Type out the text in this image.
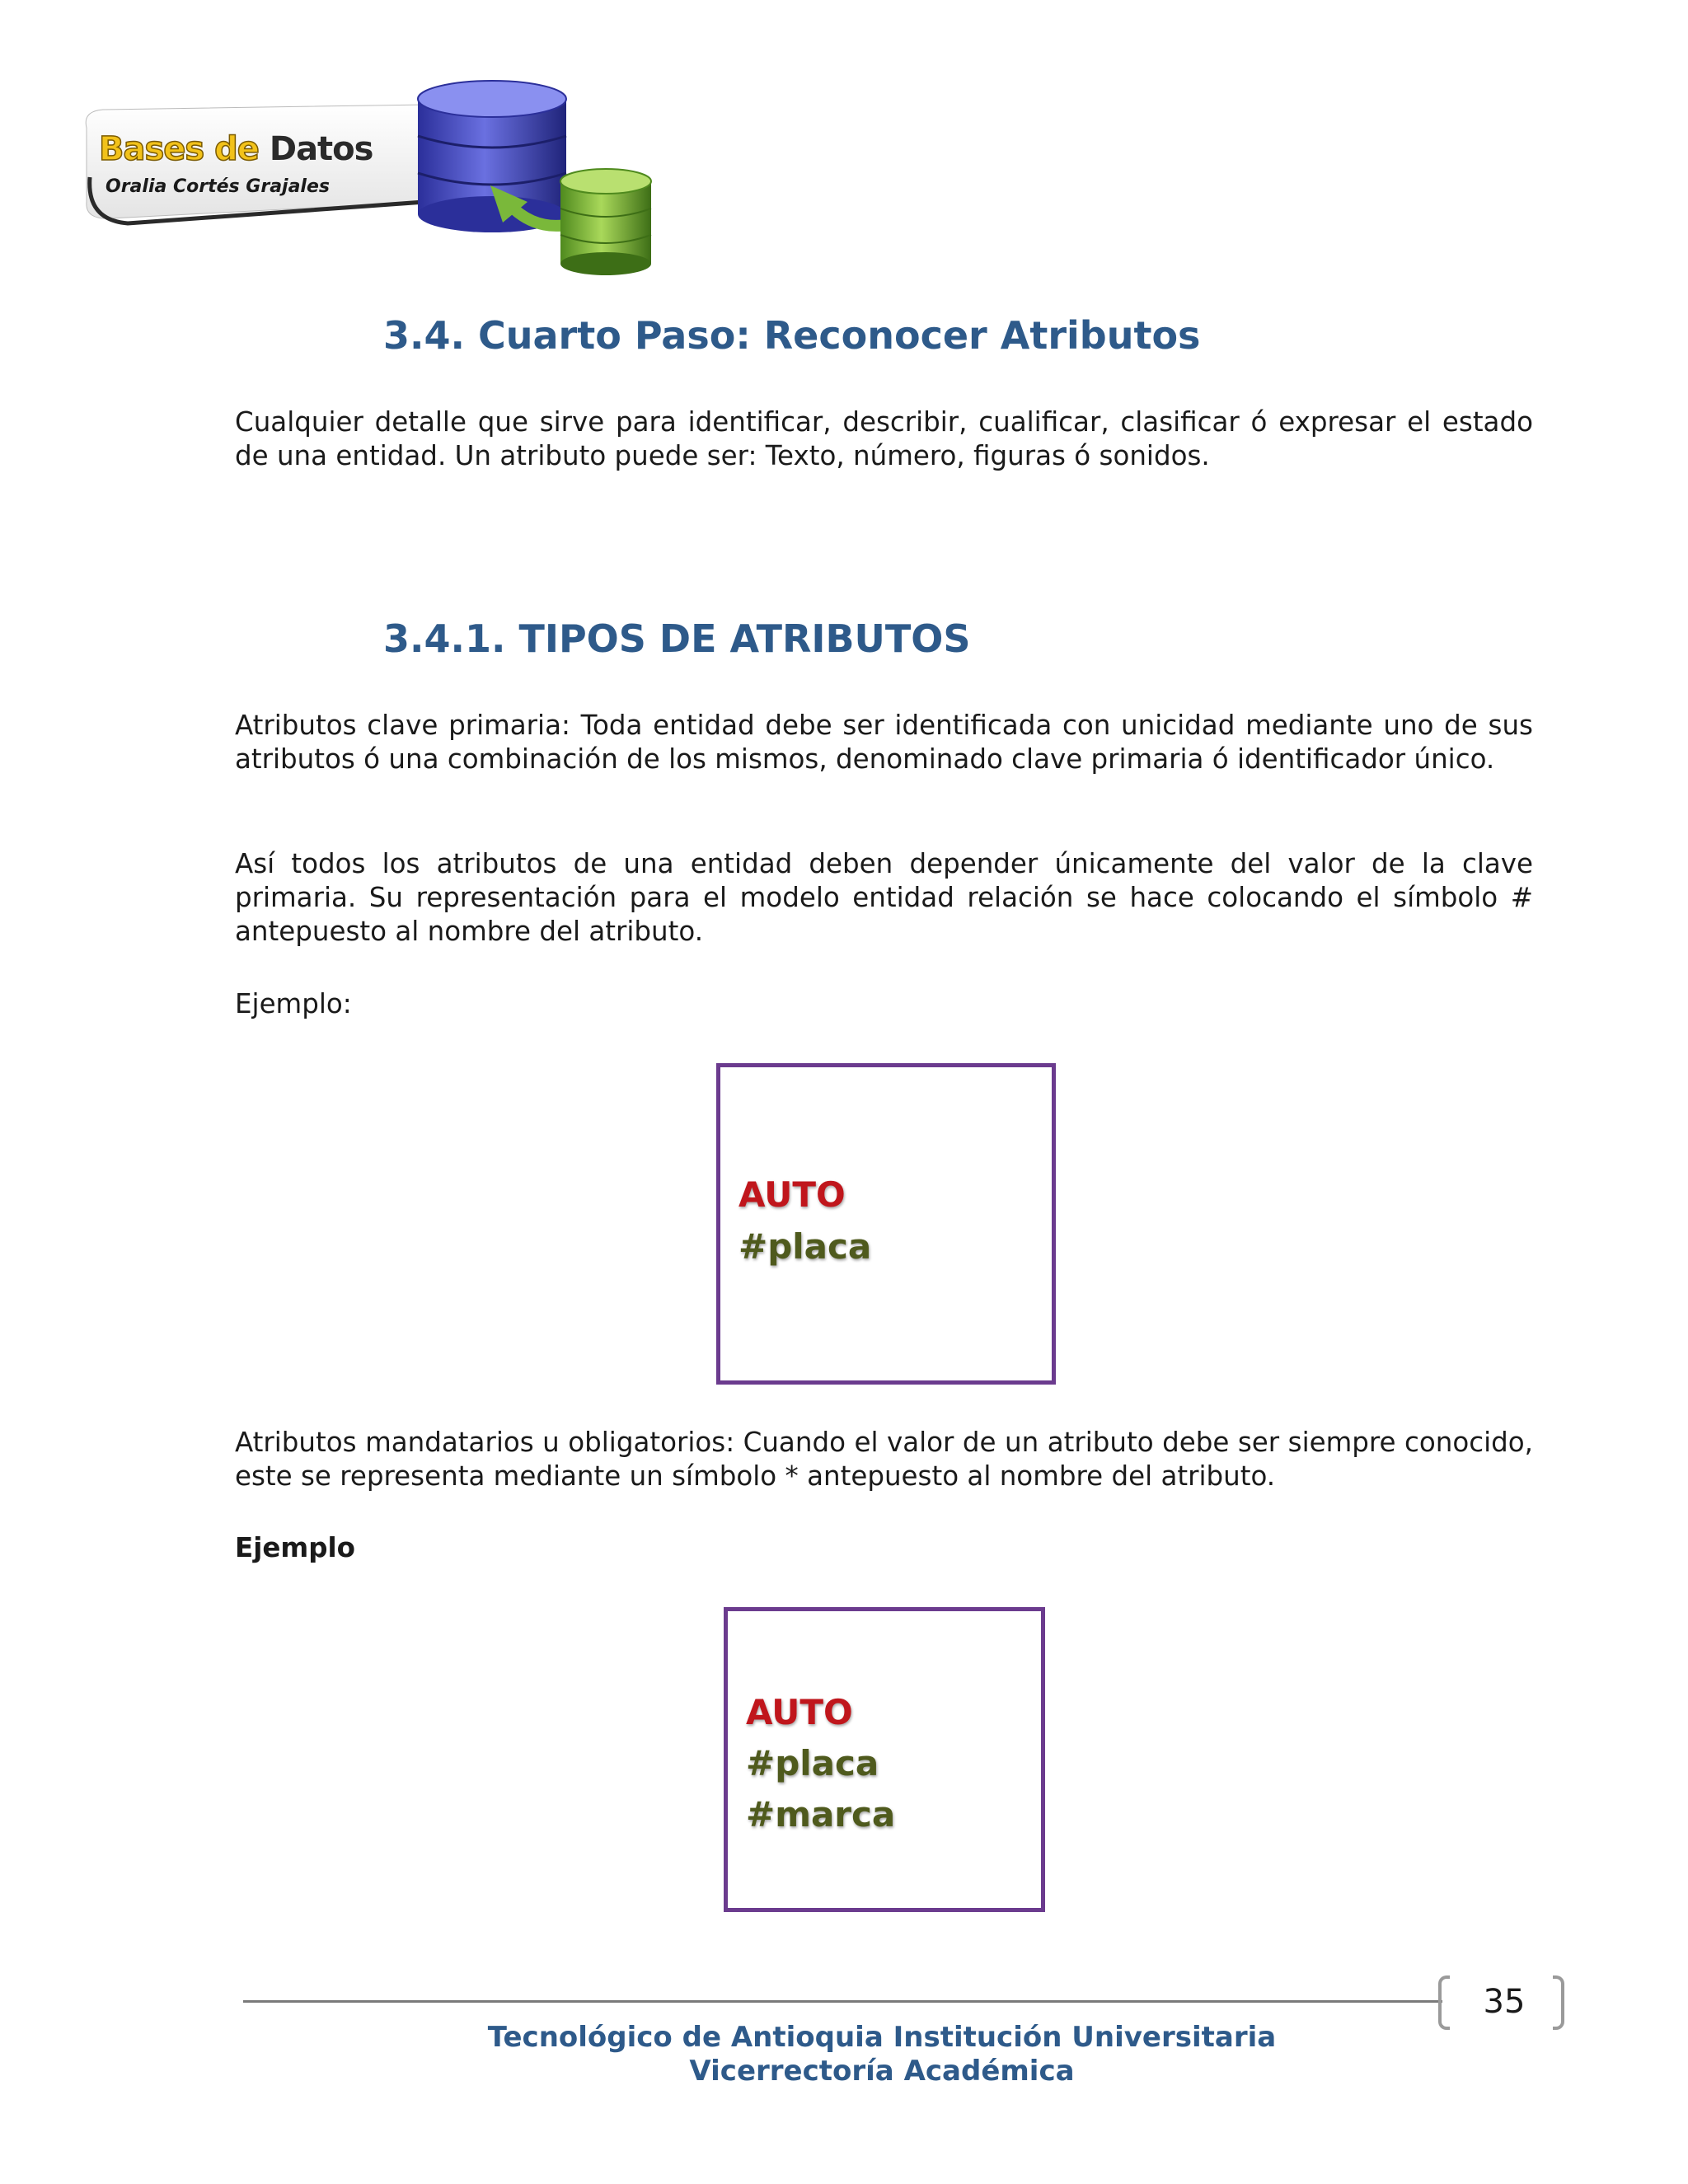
Bases de Datos
Oralia Cortés Grajales
3.4. Cuarto Paso: Reconocer Atributos
Cualquier detalle que sirve para identificar, describir, cualificar, clasificar ó expresar el estado de una entidad. Un atributo puede ser: Texto, número, figuras ó sonidos.
3.4.1. TIPOS DE ATRIBUTOS
Atributos clave primaria: Toda entidad debe ser identificada con unicidad mediante uno de sus atributos ó una combinación de los mismos, denominado clave primaria ó identificador único.
Así todos los atributos de una entidad deben depender únicamente del valor de la clave primaria. Su representación para el modelo entidad relación se hace colocando el símbolo # antepuesto al nombre del atributo.
Ejemplo:
AUTO
#placa
Atributos mandatarios u obligatorios: Cuando el valor de un atributo debe ser siempre conocido, este se representa mediante un símbolo * antepuesto al nombre del atributo.
Ejemplo
AUTO
#placa
#marca
35
Tecnológico de Antioquia Institución Universitaria
Vicerrectoría Académica
